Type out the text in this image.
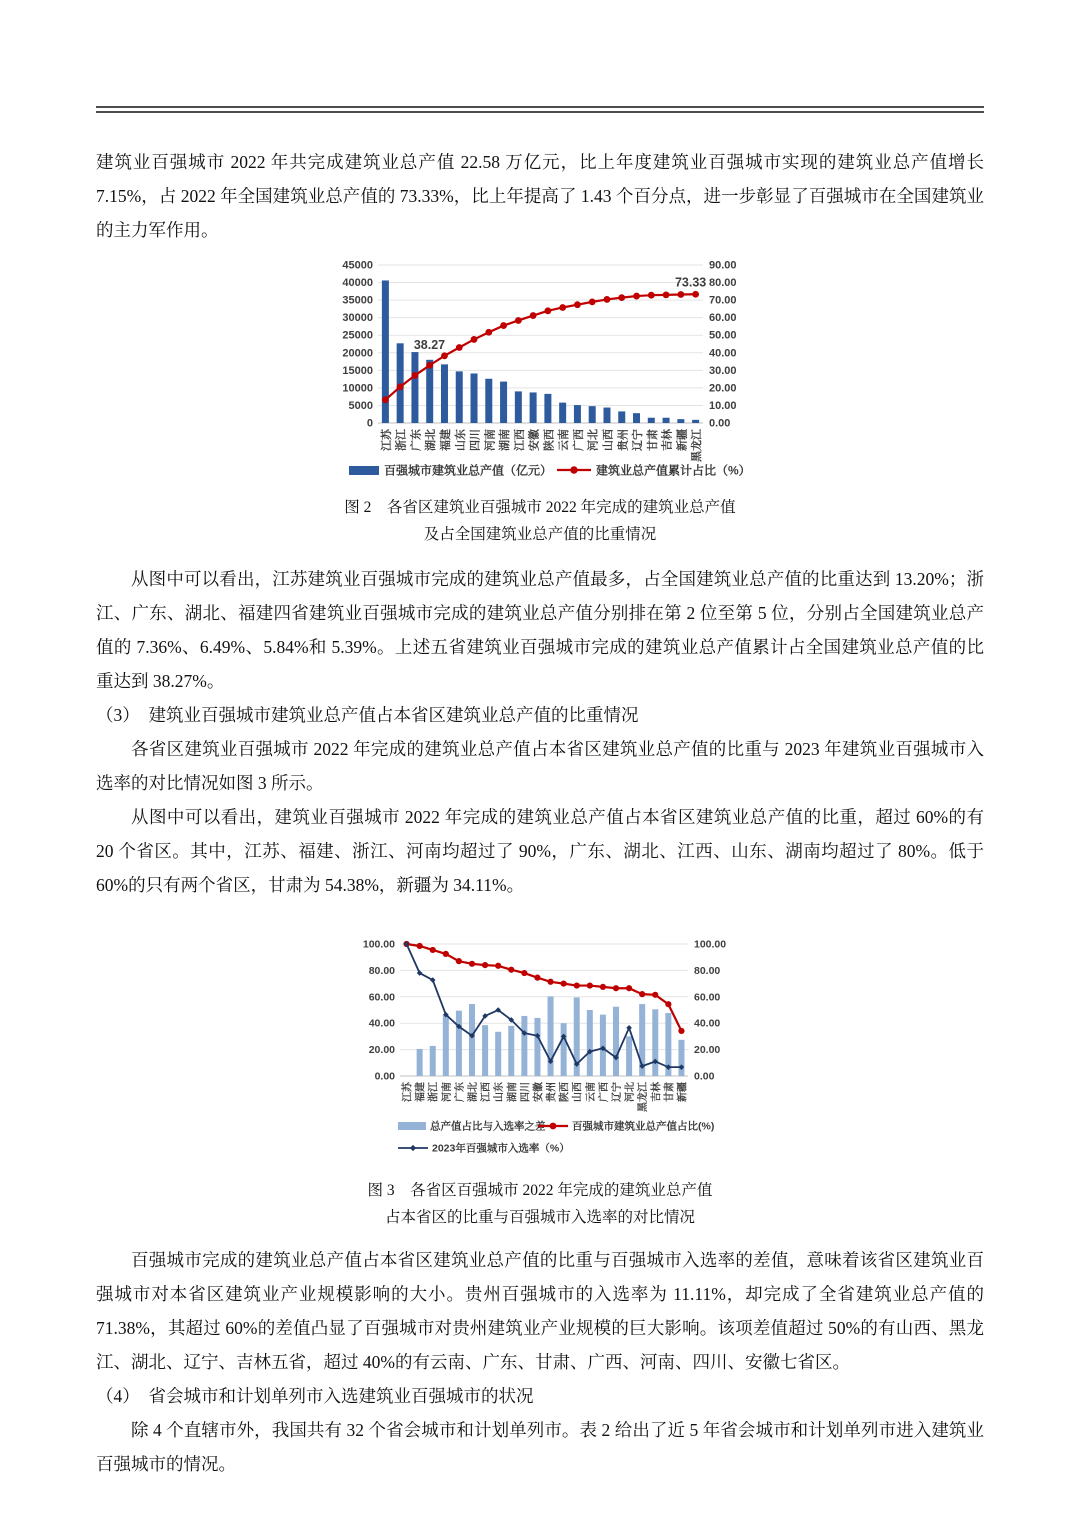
建筑业百强城市 2022 年共完成建筑业总产值 22.58 万亿元，比上年度建筑业百强城市实现的建筑业总产值增长 7.15%，占 2022 年全国建筑业总产值的 73.33%，比上年提高了 1.43 个百分点，进一步彰显了百强城市在全国建筑业的主力军作用。

0
5000
10000
15000
20000
25000
30000
35000
40000
45000
0.00
10.00
20.00
30.00
40.00
50.00
60.00
70.00
80.00
90.00
江苏 浙江 广东 湖北 福建 山东 四川 河南 湖南 江西 安徽 陕西 云南 广西 河北 山西 贵州 辽宁 甘肃 吉林 新疆 黑龙江
38.27
73.33
百强城市建筑业总产值（亿元）	建筑业总产值累计占比（%）
图 2　各省区建筑业百强城市 2022 年完成的建筑业总产值
及占全国建筑业总产值的比重情况

从图中可以看出，江苏建筑业百强城市完成的建筑业总产值最多，占全国建筑业总产值的比重达到 13.20%；浙江、广东、湖北、福建四省建筑业百强城市完成的建筑业总产值分别排在第 2 位至第 5 位，分别占全国建筑业总产值的 7.36%、6.49%、5.84%和 5.39%。上述五省建筑业百强城市完成的建筑业总产值累计占全国建筑业总产值的比重达到 38.27%。

（3）　建筑业百强城市建筑业总产值占本省区建筑业总产值的比重情况

各省区建筑业百强城市 2022 年完成的建筑业总产值占本省区建筑业总产值的比重与 2023 年建筑业百强城市入选率的对比情况如图 3 所示。

从图中可以看出，建筑业百强城市 2022 年完成的建筑业总产值占本省区建筑业总产值的比重，超过 60%的有 20 个省区。其中，江苏、福建、浙江、河南均超过了 90%，广东、湖北、江西、山东、湖南均超过了 80%。低于 60%的只有两个省区，甘肃为 54.38%，新疆为 34.11%。

0.00
20.00
40.00
60.00
80.00
100.00
0.00
20.00
40.00
60.00
80.00
100.00
江苏 福建 浙江 河南 广东 湖北 江西 山东 湖南 四川 安徽 贵州 陕西 山西 云南 广西 辽宁 河北 黑龙江 吉林 甘肃 新疆
总产值占比与入选率之差	百强城市建筑业总产值占比(%)
2023年百强城市入选率（%）
图 3　各省区百强城市 2022 年完成的建筑业总产值
占本省区的比重与百强城市入选率的对比情况

百强城市完成的建筑业总产值占本省区建筑业总产值的比重与百强城市入选率的差值，意味着该省区建筑业百强城市对本省区建筑业产业规模影响的大小。贵州百强城市的入选率为 11.11%，却完成了全省建筑业总产值的 71.38%，其超过 60%的差值凸显了百强城市对贵州建筑业产业规模的巨大影响。该项差值超过 50%的有山西、黑龙江、湖北、辽宁、吉林五省，超过 40%的有云南、广东、甘肃、广西、河南、四川、安徽七省区。

（4）　省会城市和计划单列市入选建筑业百强城市的状况

除 4 个直辖市外，我国共有 32 个省会城市和计划单列市。表 2 给出了近 5 年省会城市和计划单列市进入建筑业百强城市的情况。
